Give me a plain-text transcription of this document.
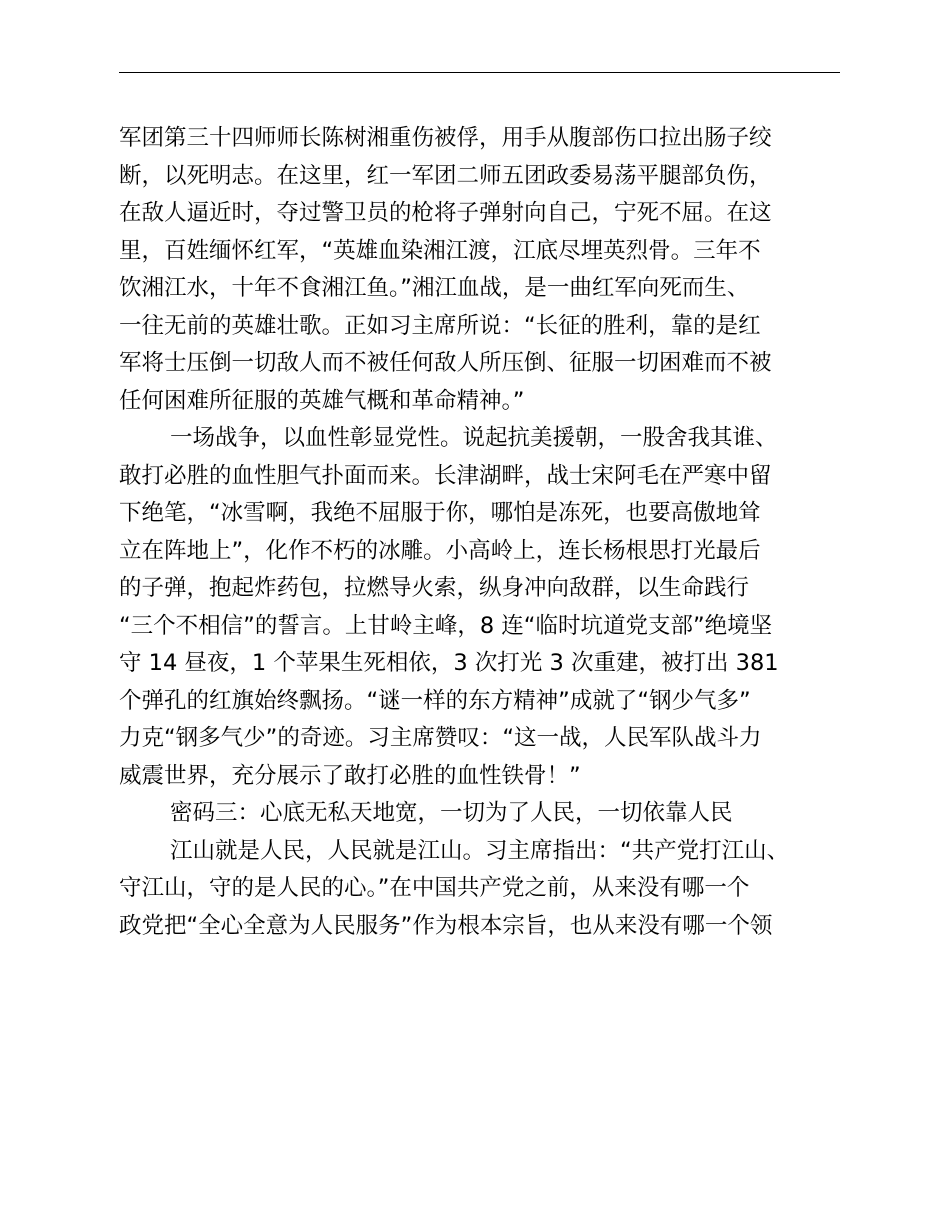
军团第三十四师师长陈树湘重伤被俘，用手从腹部伤口拉出肠子绞
断，以死明志。在这里，红一军团二师五团政委易荡平腿部负伤，
在敌人逼近时，夺过警卫员的枪将子弹射向自己，宁死不屈。在这
里，百姓缅怀红军，“英雄血染湘江渡，江底尽埋英烈骨。三年不
饮湘江水，十年不食湘江鱼。”湘江血战，是一曲红军向死而生、
一往无前的英雄壮歌。正如习主席所说：“长征的胜利，靠的是红
军将士压倒一切敌人而不被任何敌人所压倒、征服一切困难而不被
任何困难所征服的英雄气概和革命精神。”
一场战争，以血性彰显党性。说起抗美援朝，一股舍我其谁、
敢打必胜的血性胆气扑面而来。长津湖畔，战士宋阿毛在严寒中留
下绝笔，“冰雪啊，我绝不屈服于你，哪怕是冻死，也要高傲地耸
立在阵地上”，化作不朽的冰雕。小高岭上，连长杨根思打光最后
的子弹，抱起炸药包，拉燃导火索，纵身冲向敌群，以生命践行
“三个不相信”的誓言。上甘岭主峰，8 连“临时坑道党支部”绝境坚
守 14 昼夜，1 个苹果生死相依，3 次打光 3 次重建，被打出 381
个弹孔的红旗始终飘扬。“谜一样的东方精神”成就了“钢少气多”
力克“钢多气少”的奇迹。习主席赞叹：“这一战，人民军队战斗力
威震世界，充分展示了敢打必胜的血性铁骨！”
密码三：心底无私天地宽，一切为了人民，一切依靠人民
江山就是人民，人民就是江山。习主席指出：“共产党打江山、
守江山，守的是人民的心。”在中国共产党之前，从来没有哪一个
政党把“全心全意为人民服务”作为根本宗旨，也从来没有哪一个领
